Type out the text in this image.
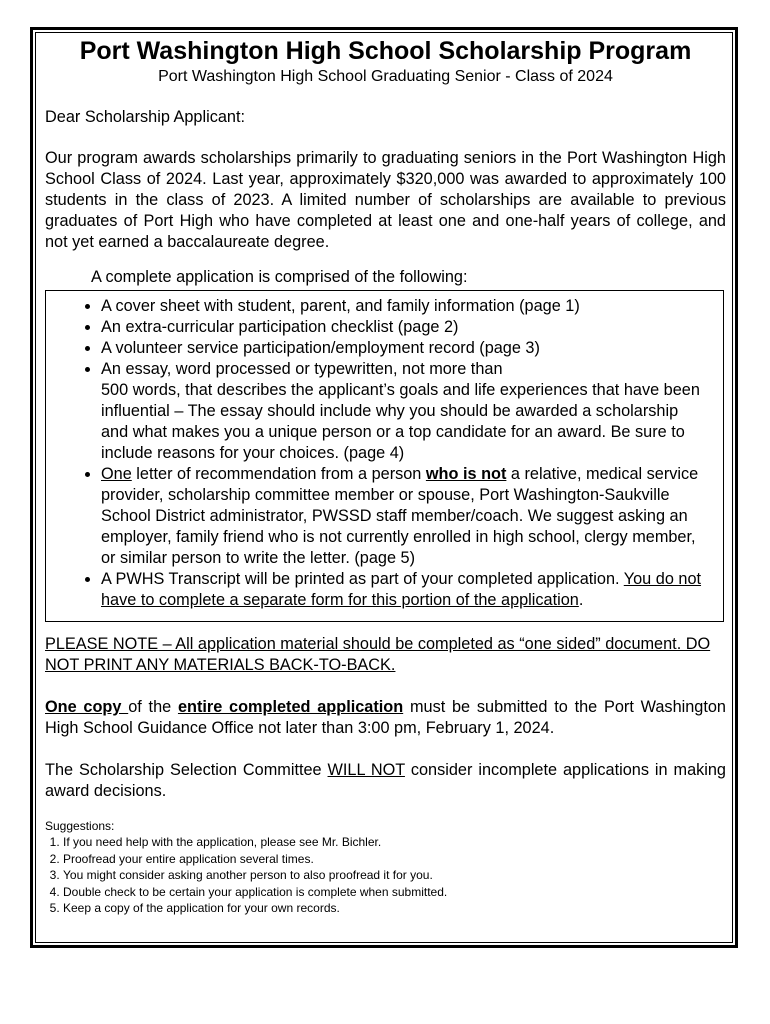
Port Washington High School Scholarship Program
Port Washington High School Graduating Senior - Class of 2024

Dear Scholarship Applicant:

Our program awards scholarships primarily to graduating seniors in the Port Washington High School Class of 2024. Last year, approximately $320,000 was awarded to approximately 100 students in the class of 2023. A limited number of scholarships are available to previous graduates of Port High who have completed at least one and one-half years of college, and not yet earned a baccalaureate degree.

A complete application is comprised of the following:

• A cover sheet with student, parent, and family information (page 1)
• An extra-curricular participation checklist (page 2)
• A volunteer service participation/employment record (page 3)
• An essay, word processed or typewritten, not more than
500 words, that describes the applicant’s goals and life experiences that have been influential – The essay should include why you should be awarded a scholarship and what makes you a unique person or a top candidate for an award. Be sure to include reasons for your choices. (page 4)
• One letter of recommendation from a person who is not a relative, medical service provider, scholarship committee member or spouse, Port Washington-Saukville School District administrator, PWSSD staff member/coach. We suggest asking an employer, family friend who is not currently enrolled in high school, clergy member, or similar person to write the letter. (page 5)
• A PWHS Transcript will be printed as part of your completed application. You do not have to complete a separate form for this portion of the application.

PLEASE NOTE – All application material should be completed as “one sided” document. DO NOT PRINT ANY MATERIALS BACK-TO-BACK.

One copy of the entire completed application must be submitted to the Port Washington High School Guidance Office not later than 3:00 pm, February 1, 2024.

The Scholarship Selection Committee WILL NOT consider incomplete applications in making award decisions.

Suggestions:
1. If you need help with the application, please see Mr. Bichler.
2. Proofread your entire application several times.
3. You might consider asking another person to also proofread it for you.
4. Double check to be certain your application is complete when submitted.
5. Keep a copy of the application for your own records.
